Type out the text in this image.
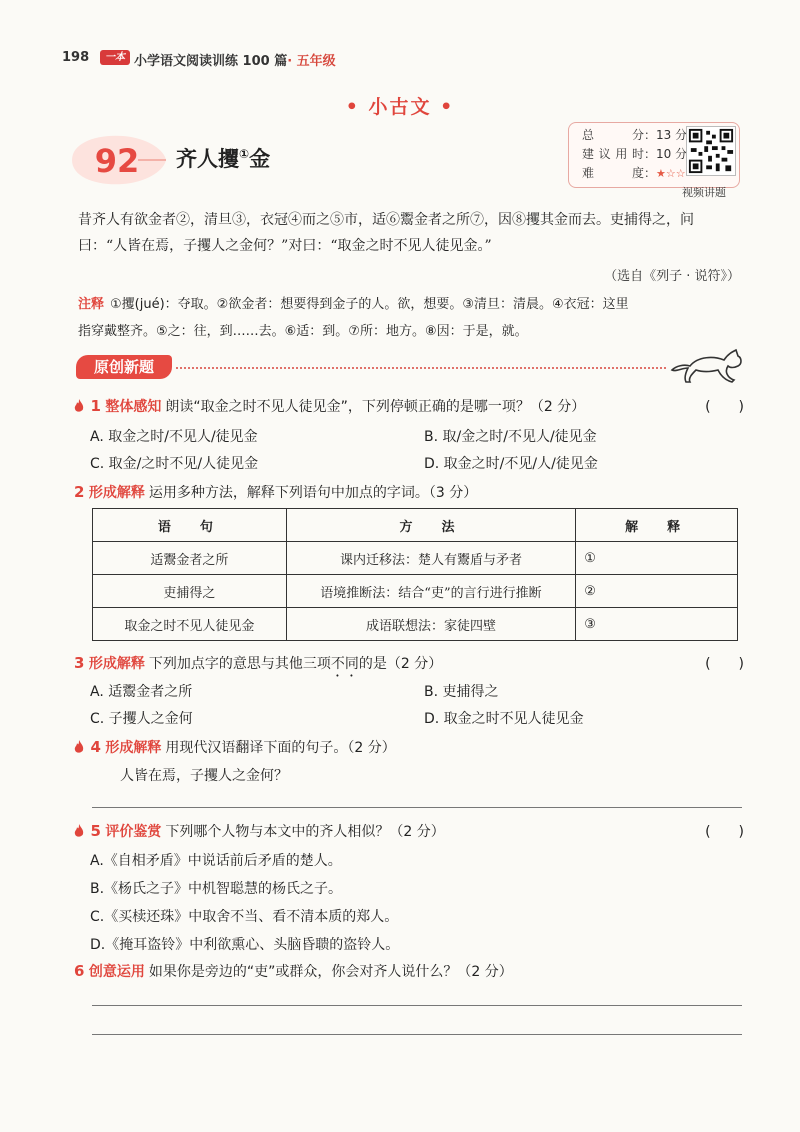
198	一本 小学语文阅读训练 100 篇· 五年级
• 小古文 •
92	齐人攫①金
总　　分：13 分
建议用时：10 分
难　　度：★☆☆
视频讲题
昔齐人有欲金者②，清旦③，衣冠④而之⑤市，适⑥鬻金者之所⑦，因⑧攫其金而去。吏捕得之，问
曰：“人皆在焉，子攫人之金何？”对曰：“取金之时不见人徒见金。”
（选自《列子 · 说符》）
注释 ①攫(jué)：夺取。②欲金者：想要得到金子的人。欲，想要。③清旦：清晨。④衣冠：这里
指穿戴整齐。⑤之：往，到……去。⑥适：到。⑦所：地方。⑧因：于是，就。
原创新题
1 整体感知 朗读“取金之时不见人徒见金”，下列停顿正确的是哪一项？（2 分）	(　　)
A. 取金之时/不见人/徒见金	B. 取/金之时/不见人/徒见金
C. 取金/之时不见/人徒见金	D. 取金之时/不见/人/徒见金
2 形成解释 运用多种方法，解释下列语句中加点的字词。（3 分）
语　句	方　法	解　释
适鬻金者之所	课内迁移法：楚人有鬻盾与矛者	①
吏捕得之	语境推断法：结合“吏”的言行进行推断	②
取金之时不见人徒见金	成语联想法：家徒四壁	③
3 形成解释 下列加点字的意思与其他三项不同的是（2 分）	(　　)
A. 适鬻金者之所	B. 吏捕得之
C. 子攫人之金何	D. 取金之时不见人徒见金
4 形成解释 用现代汉语翻译下面的句子。（2 分）
人皆在焉，子攫人之金何？
5 评价鉴赏 下列哪个人物与本文中的齐人相似？（2 分）	(　　)
A.《自相矛盾》中说话前后矛盾的楚人。
B.《杨氏之子》中机智聪慧的杨氏之子。
C.《买椟还珠》中取舍不当、看不清本质的郑人。
D.《掩耳盗铃》中利欲熏心、头脑昏聩的盗铃人。
6 创意运用 如果你是旁边的“吏”或群众，你会对齐人说什么？（2 分）
